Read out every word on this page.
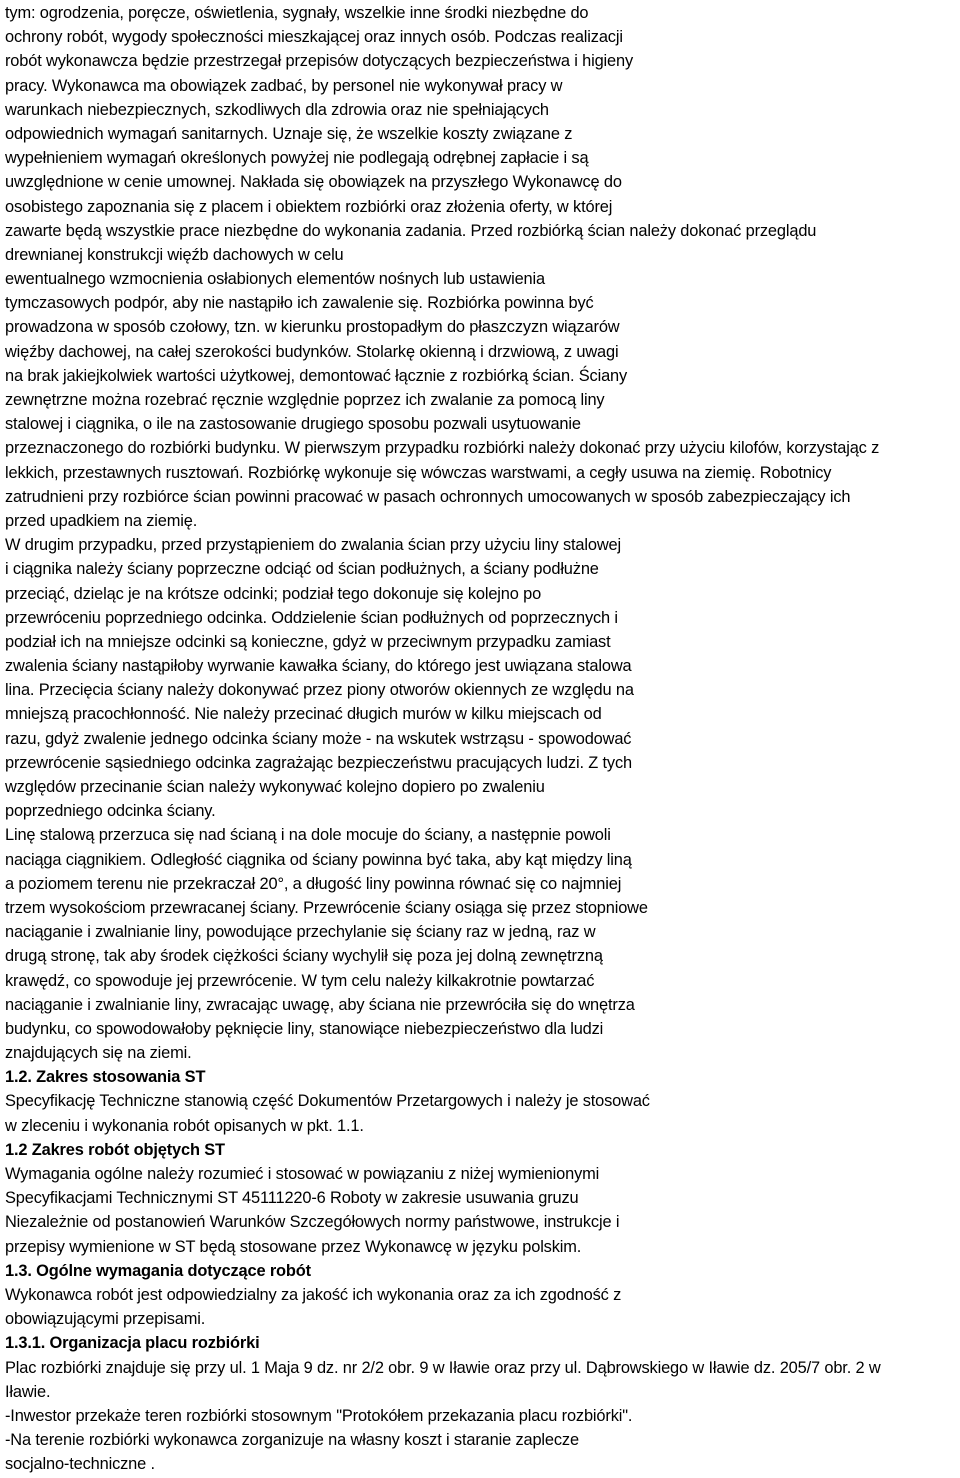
tym: ogrodzenia, poręcze, oświetlenia, sygnały, wszelkie inne środki niezbędne do
ochrony robót, wygody społeczności mieszkającej oraz innych osób. Podczas realizacji
robót wykonawcza będzie przestrzegał przepisów dotyczących bezpieczeństwa i higieny
pracy. Wykonawca ma obowiązek zadbać, by personel nie wykonywał pracy w
warunkach niebezpiecznych, szkodliwych dla zdrowia oraz nie spełniających
odpowiednich wymagań sanitarnych. Uznaje się, że wszelkie koszty związane z
wypełnieniem wymagań określonych powyżej nie podlegają odrębnej zapłacie i są
uwzględnione w cenie umownej. Nakłada się obowiązek na przyszłego Wykonawcę do
osobistego zapoznania się z placem i obiektem rozbiórki oraz złożenia oferty, w której
zawarte będą wszystkie prace niezbędne do wykonania zadania. Przed rozbiórką ścian należy dokonać przeglądu
drewnianej konstrukcji więźb dachowych w celu
ewentualnego wzmocnienia osłabionych elementów nośnych lub ustawienia
tymczasowych podpór, aby nie nastąpiło ich zawalenie się. Rozbiórka powinna być
prowadzona w sposób czołowy, tzn. w kierunku prostopadłym do płaszczyzn wiązarów
więźby dachowej, na całej szerokości budynków. Stolarkę okienną i drzwiową, z uwagi
na brak jakiejkolwiek wartości użytkowej, demontować łącznie z rozbiórką ścian. Ściany
zewnętrzne można rozebrać ręcznie względnie poprzez ich zwalanie za pomocą liny
stalowej i ciągnika, o ile na zastosowanie drugiego sposobu pozwali usytuowanie
przeznaczonego do rozbiórki budynku. W pierwszym przypadku rozbiórki należy dokonać przy użyciu kilofów, korzystając z
lekkich, przestawnych rusztowań. Rozbiórkę wykonuje się wówczas warstwami, a cegły usuwa na ziemię. Robotnicy
zatrudnieni przy rozbiórce ścian powinni pracować w pasach ochronnych umocowanych w sposób zabezpieczający ich
przed upadkiem na ziemię.
W drugim przypadku, przed przystąpieniem do zwalania ścian przy użyciu liny stalowej
i ciągnika należy ściany poprzeczne odciąć od ścian podłużnych, a ściany podłużne
przeciąć, dzieląc je na krótsze odcinki; podział tego dokonuje się kolejno po
przewróceniu poprzedniego odcinka. Oddzielenie ścian podłużnych od poprzecznych i
podział ich na mniejsze odcinki są konieczne, gdyż w przeciwnym przypadku zamiast
zwalenia ściany nastąpiłoby wyrwanie kawałka ściany, do którego jest uwiązana stalowa
lina. Przecięcia ściany należy dokonywać przez piony otworów okiennych ze względu na
mniejszą pracochłonność. Nie należy przecinać długich murów w kilku miejscach od
razu, gdyż zwalenie jednego odcinka ściany może - na wskutek wstrząsu - spowodować
przewrócenie sąsiedniego odcinka zagrażając bezpieczeństwu pracujących ludzi. Z tych
względów przecinanie ścian należy wykonywać kolejno dopiero po zwaleniu
poprzedniego odcinka ściany.
Linę stalową przerzuca się nad ścianą i na dole mocuje do ściany, a następnie powoli
naciąga ciągnikiem. Odległość ciągnika od ściany powinna być taka, aby kąt między liną
a poziomem terenu nie przekraczał 20°, a długość liny powinna równać się co najmniej
trzem wysokościom przewracanej ściany. Przewrócenie ściany osiąga się przez stopniowe
naciąganie i zwalnianie liny, powodujące przechylanie się ściany raz w jedną, raz w
drugą stronę, tak aby środek ciężkości ściany wychylił się poza jej dolną zewnętrzną
krawędź, co spowoduje jej przewrócenie. W tym celu należy kilkakrotnie powtarzać
naciąganie i zwalnianie liny, zwracając uwagę, aby ściana nie przewróciła się do wnętrza
budynku, co spowodowałoby pęknięcie liny, stanowiące niebezpieczeństwo dla ludzi
znajdujących się na ziemi.
1.2. Zakres stosowania ST
Specyfikację Techniczne stanowią część Dokumentów Przetargowych i należy je stosować
w zleceniu i wykonania robót opisanych w pkt. 1.1.
1.2 Zakres robót objętych ST
Wymagania ogólne należy rozumieć i stosować w powiązaniu z niżej wymienionymi
Specyfikacjami Technicznymi ST 45111220-6 Roboty w zakresie usuwania gruzu
Niezależnie od postanowień Warunków Szczegółowych normy państwowe, instrukcje i
przepisy wymienione w ST będą stosowane przez Wykonawcę w języku polskim.
1.3. Ogólne wymagania dotyczące robót
Wykonawca robót jest odpowiedzialny za jakość ich wykonania oraz za ich zgodność z
obowiązującymi przepisami.
1.3.1. Organizacja placu rozbiórki
Plac rozbiórki znajduje się przy ul. 1 Maja 9 dz. nr 2/2 obr. 9 w Iławie oraz przy ul. Dąbrowskiego w Iławie dz. 205/7 obr. 2 w
Iławie.
-Inwestor przekaże teren rozbiórki stosownym "Protokółem przekazania placu rozbiórki".
-Na terenie rozbiórki wykonawca zorganizuje na własny koszt i staranie zaplecze
socjalno-techniczne .
